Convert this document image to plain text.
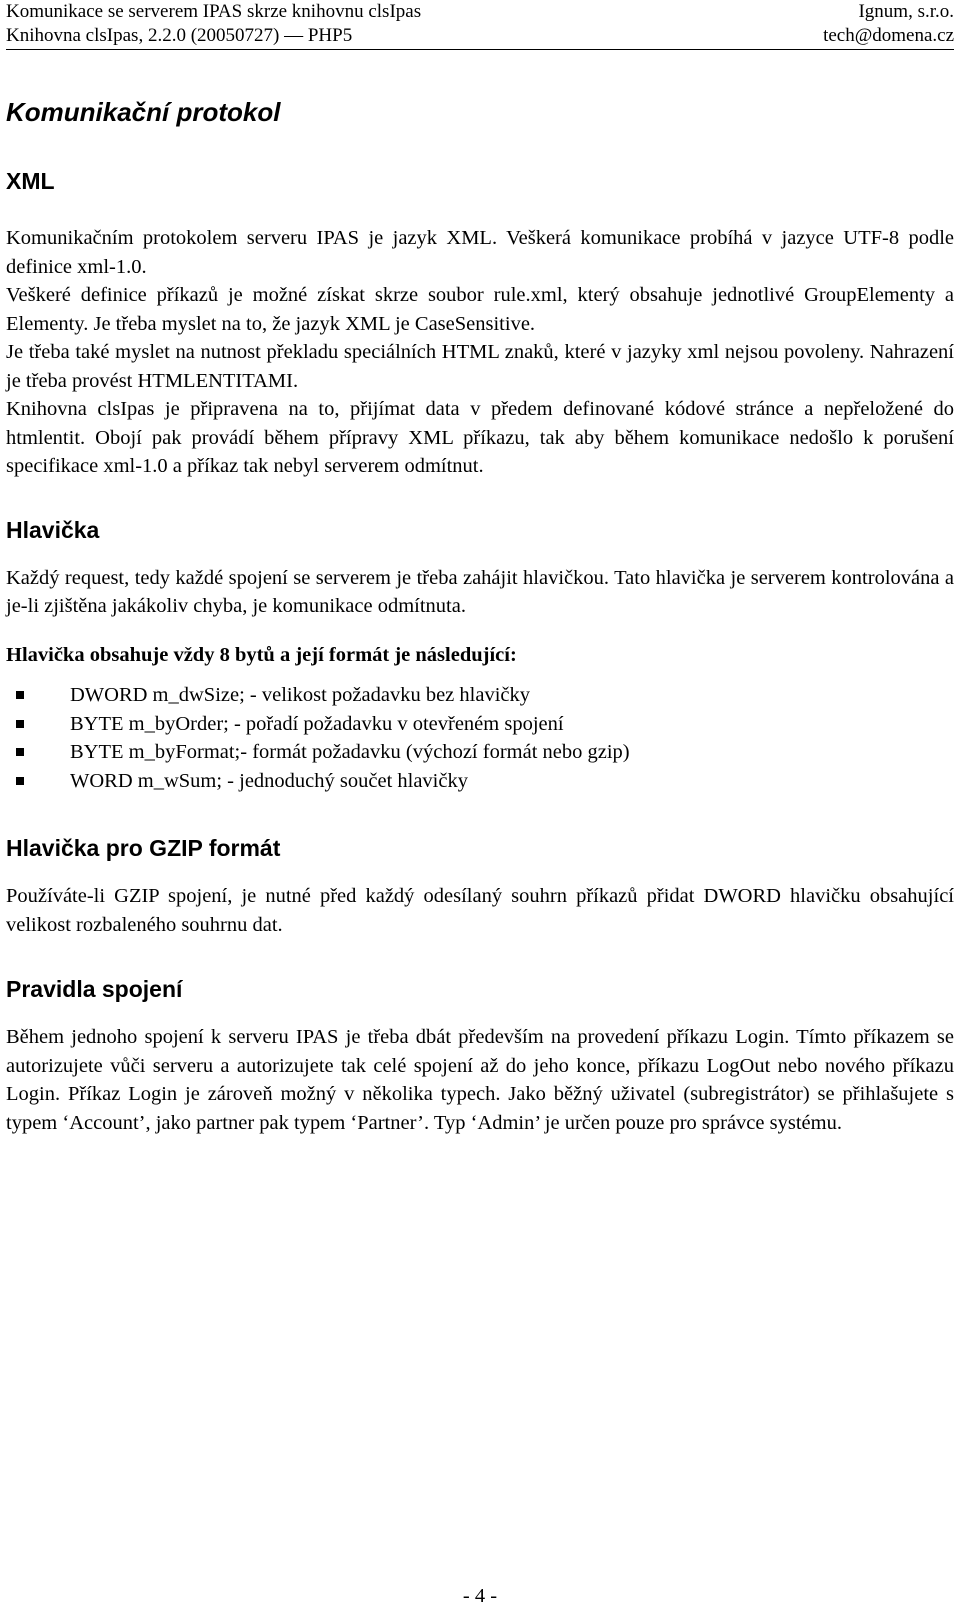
Komunikace se serverem IPAS skrze knihovnu clsIpas	Ignum, s.r.o.
Knihovna clsIpas, 2.2.0 (20050727) — PHP5	tech@domena.cz
Komunikační protokol
XML

Komunikačním protokolem serveru IPAS je jazyk XML. Veškerá komunikace probíhá v jazyce UTF-8 podle definice xml-1.0.

Veškeré definice příkazů je možné získat skrze soubor rule.xml, který obsahuje jednotlivé GroupElementy a Elementy. Je třeba myslet na to, že jazyk XML je CaseSensitive.

Je třeba také myslet na nutnost překladu speciálních HTML znaků, které v jazyky xml nejsou povoleny. Nahrazení je třeba provést HTMLENTITAMI.

Knihovna clsIpas je připravena na to, přijímat data v předem definované kódové stránce a nepřeložené do htmlentit. Obojí pak provádí během přípravy XML příkazu, tak aby během komunikace nedošlo k porušení specifikace xml-1.0 a příkaz tak nebyl serverem odmítnut.

Hlavička

Každý request, tedy každé spojení se serverem je třeba zahájit hlavičkou. Tato hlavička je serverem kontrolována a je-li zjištěna jakákoliv chyba, je komunikace odmítnuta.

Hlavička obsahuje vždy 8 bytů a její formát je následující:

DWORD m_dwSize; - velikost požadavku bez hlavičky
BYTE m_byOrder; - pořadí požadavku v otevřeném spojení
BYTE m_byFormat;- formát požadavku (výchozí formát nebo gzip)
WORD m_wSum; - jednoduchý součet hlavičky
Hlavička pro GZIP formát

Používáte-li GZIP spojení, je nutné před každý odesílaný souhrn příkazů přidat DWORD hlavičku obsahující velikost rozbaleného souhrnu dat.

Pravidla spojení

Během jednoho spojení k serveru IPAS je třeba dbát především na provedení příkazu Login. Tímto příkazem se autorizujete vůči serveru a autorizujete tak celé spojení až do jeho konce, příkazu LogOut nebo nového příkazu Login. Příkaz Login je zároveň možný v několika typech. Jako běžný uživatel (subregistrátor) se přihlašujete s typem ‘Account’, jako partner pak typem ‘Partner’. Typ ‘Admin’ je určen pouze pro správce systému.

- 4 -
